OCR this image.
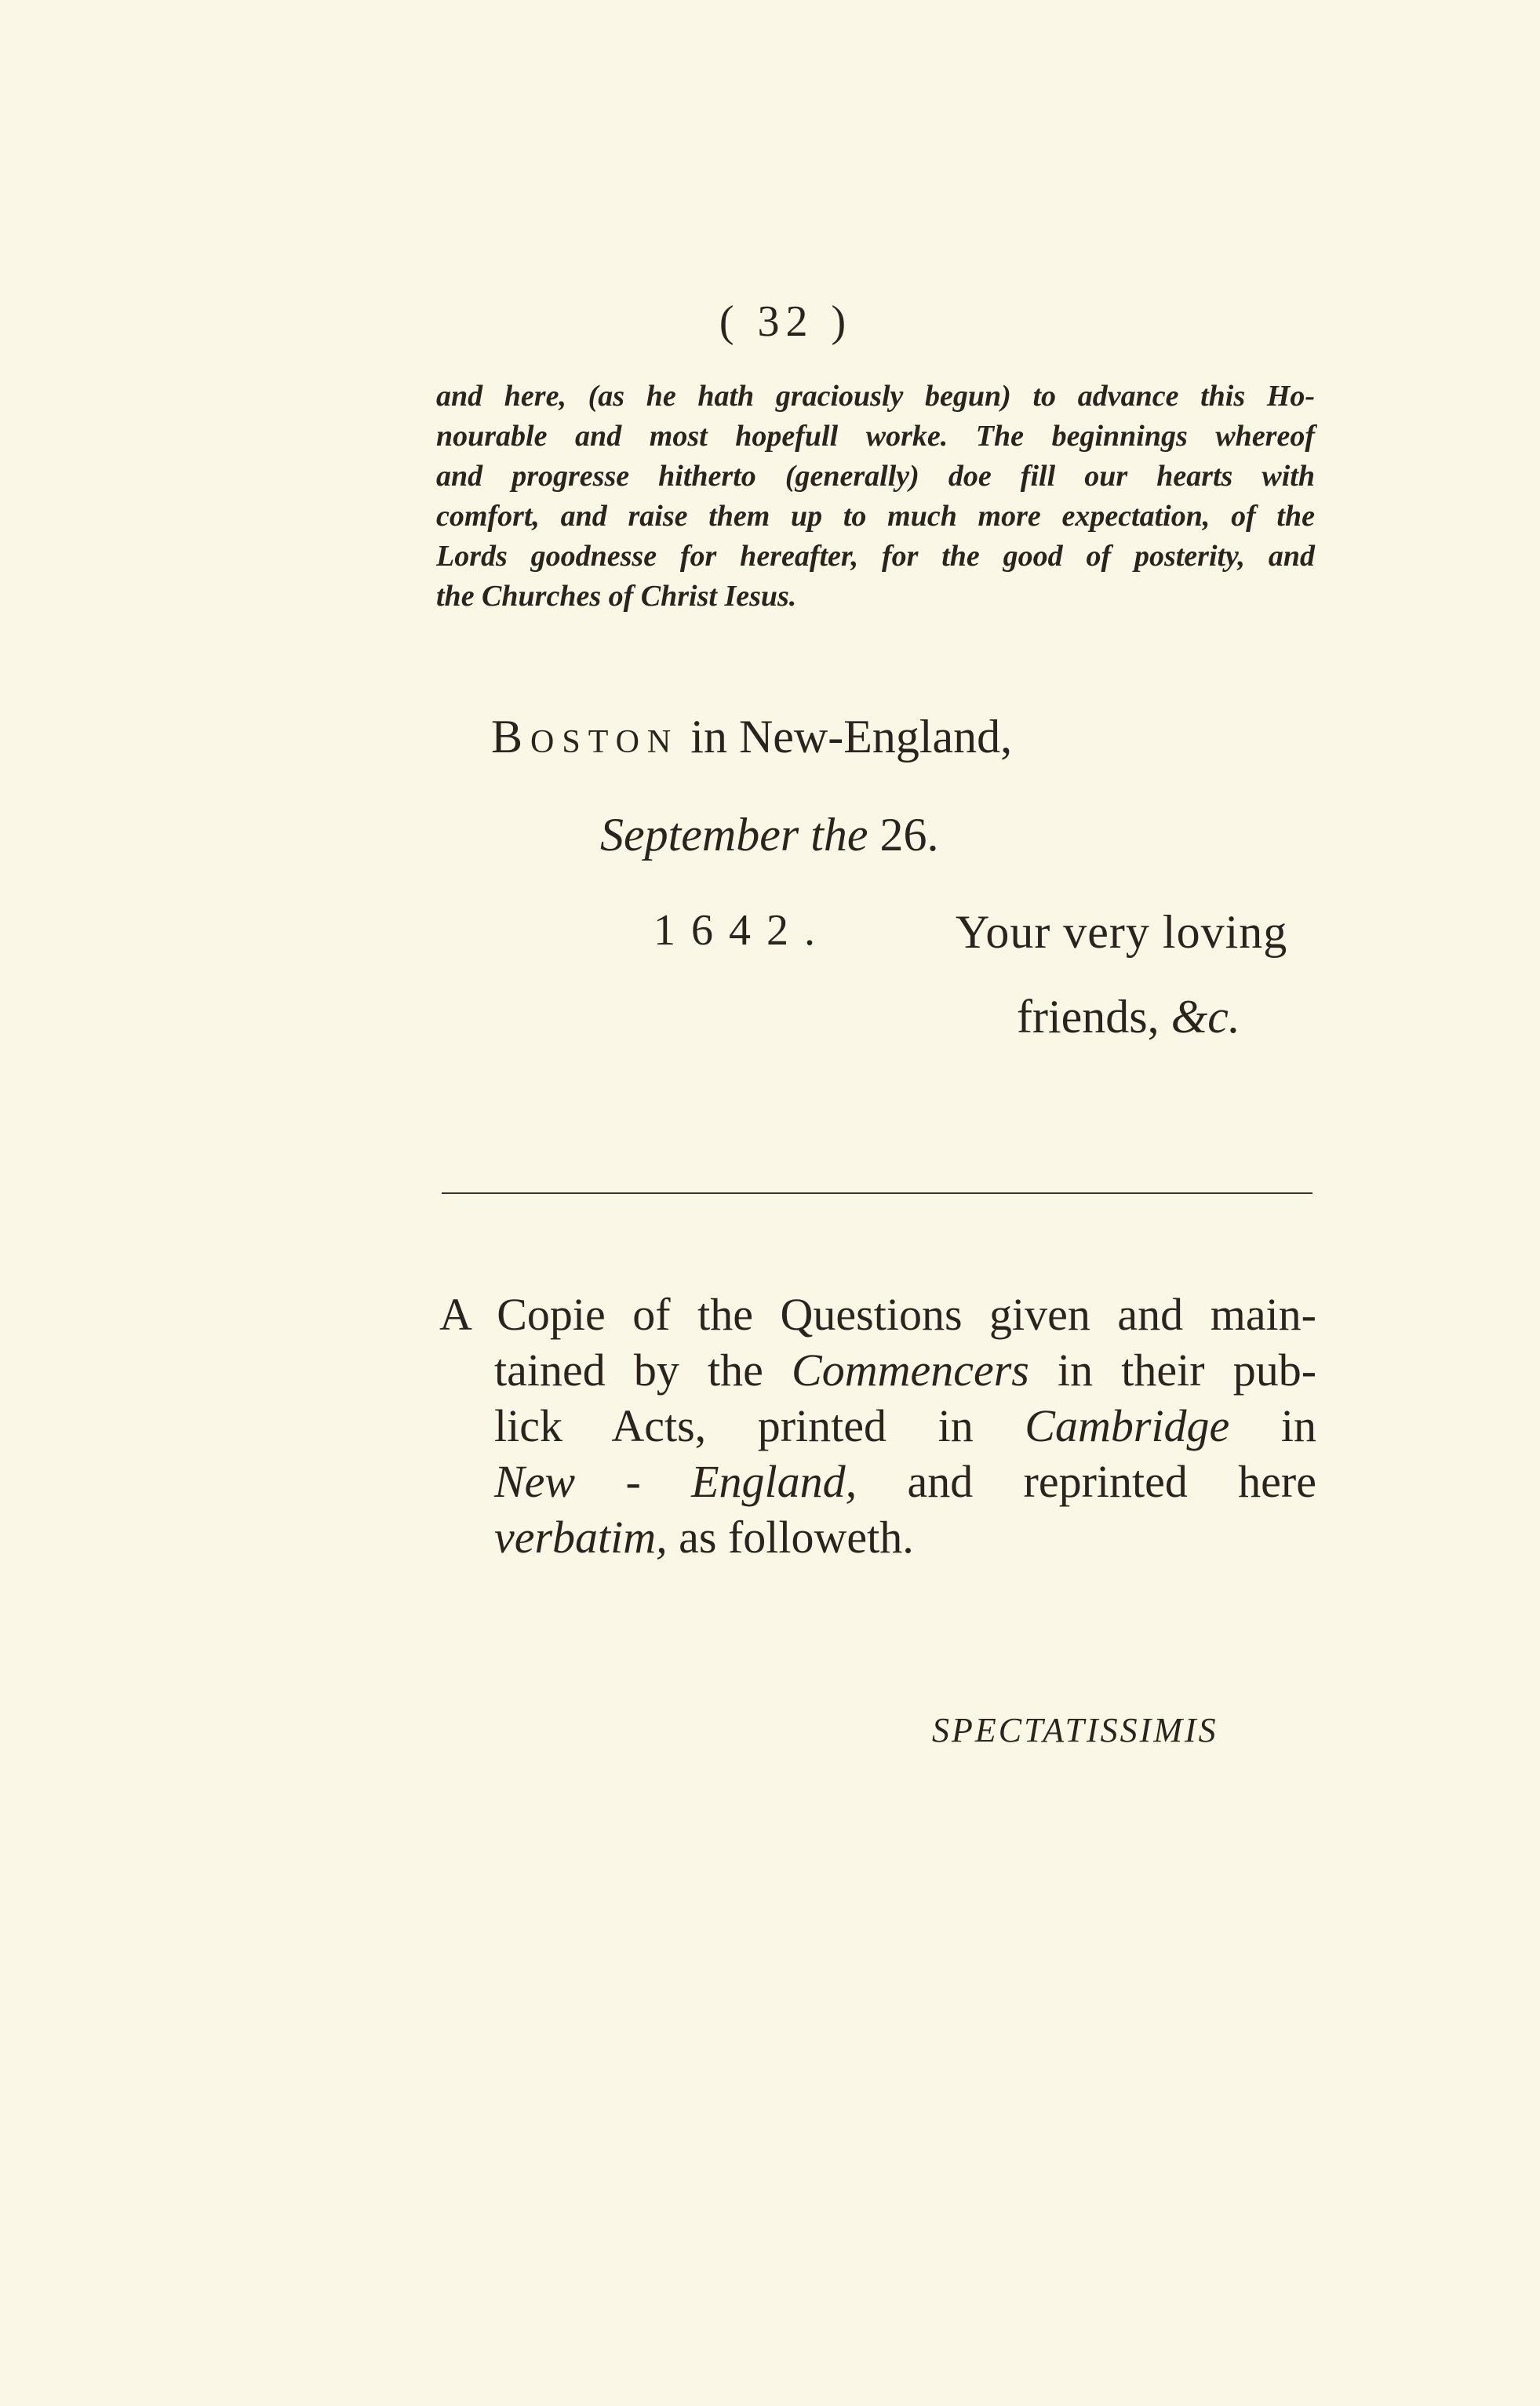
( 32 )
and here, (as he hath graciously begun) to advance this Ho-
nourable and most hopefull worke. The beginnings whereof
and progresse hitherto (generally) doe fill our hearts with
comfort, and raise them up to much more expectation, of the
Lords goodnesse for hereafter, for the good of posterity, and
the Churches of Christ Iesus.
Boston in New-England,
September the 26.
1642.	Your very loving
friends, &c.
A Copie of the Questions given and main-
tained by the Commencers in their pub-
lick Acts, printed in Cambridge in
New - England, and reprinted here
verbatim, as followeth.
SPECTATISSIMIS
